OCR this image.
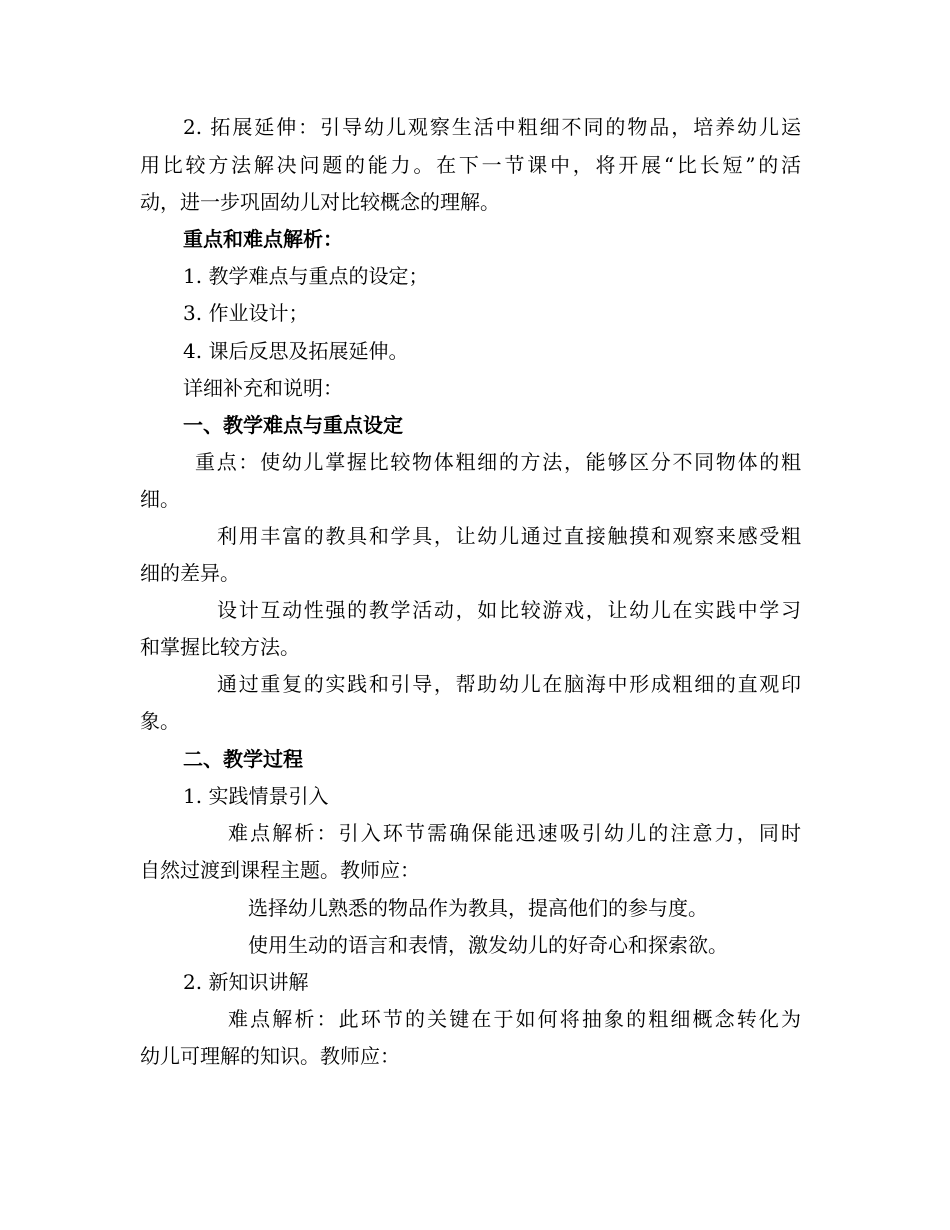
2. 拓展延伸：引导幼儿观察生活中粗细不同的物品，培养幼儿运
用比较方法解决问题的能力。在下一节课中，将开展“比长短”的活
动，进一步巩固幼儿对比较概念的理解。
重点和难点解析：
1. 教学难点与重点的设定；
3. 作业设计；
4. 课后反思及拓展延伸。
详细补充和说明：
一、教学难点与重点设定
重点：使幼儿掌握比较物体粗细的方法，能够区分不同物体的粗
细。
利用丰富的教具和学具，让幼儿通过直接触摸和观察来感受粗
细的差异。
设计互动性强的教学活动，如比较游戏，让幼儿在实践中学习
和掌握比较方法。
通过重复的实践和引导，帮助幼儿在脑海中形成粗细的直观印
象。
二、教学过程
1. 实践情景引入
难点解析：引入环节需确保能迅速吸引幼儿的注意力，同时
自然过渡到课程主题。教师应：
选择幼儿熟悉的物品作为教具，提高他们的参与度。
使用生动的语言和表情，激发幼儿的好奇心和探索欲。
2. 新知识讲解
难点解析：此环节的关键在于如何将抽象的粗细概念转化为
幼儿可理解的知识。教师应：
